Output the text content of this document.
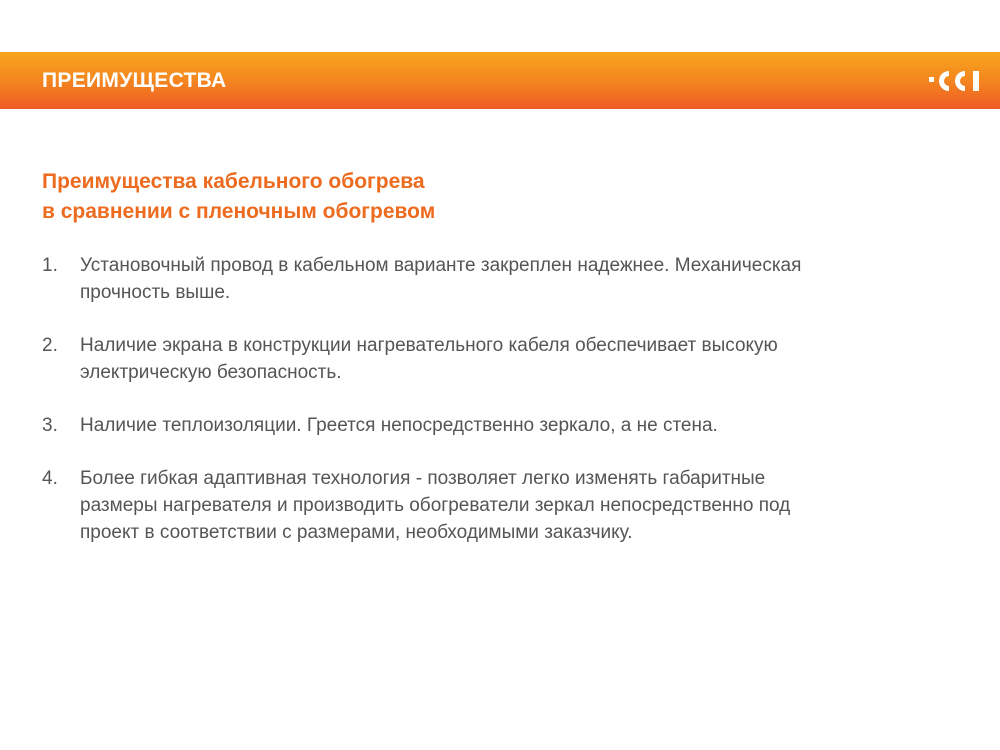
ПРЕИМУЩЕСТВА
Преимущества кабельного обогрева
в сравнении с пленочным обогревом
1.	Установочный провод в кабельном варианте закреплен надежнее. Механическая
прочность выше.
2.	Наличие экрана в конструкции нагревательного кабеля обеспечивает высокую
электрическую безопасность.
3.	Наличие теплоизоляции. Греется непосредственно зеркало, а не стена.
4.	Более гибкая адаптивная технология - позволяет легко изменять габаритные
размеры нагревателя и производить обогреватели зеркал непосредственно под
проект в соответствии с размерами, необходимыми заказчику.
